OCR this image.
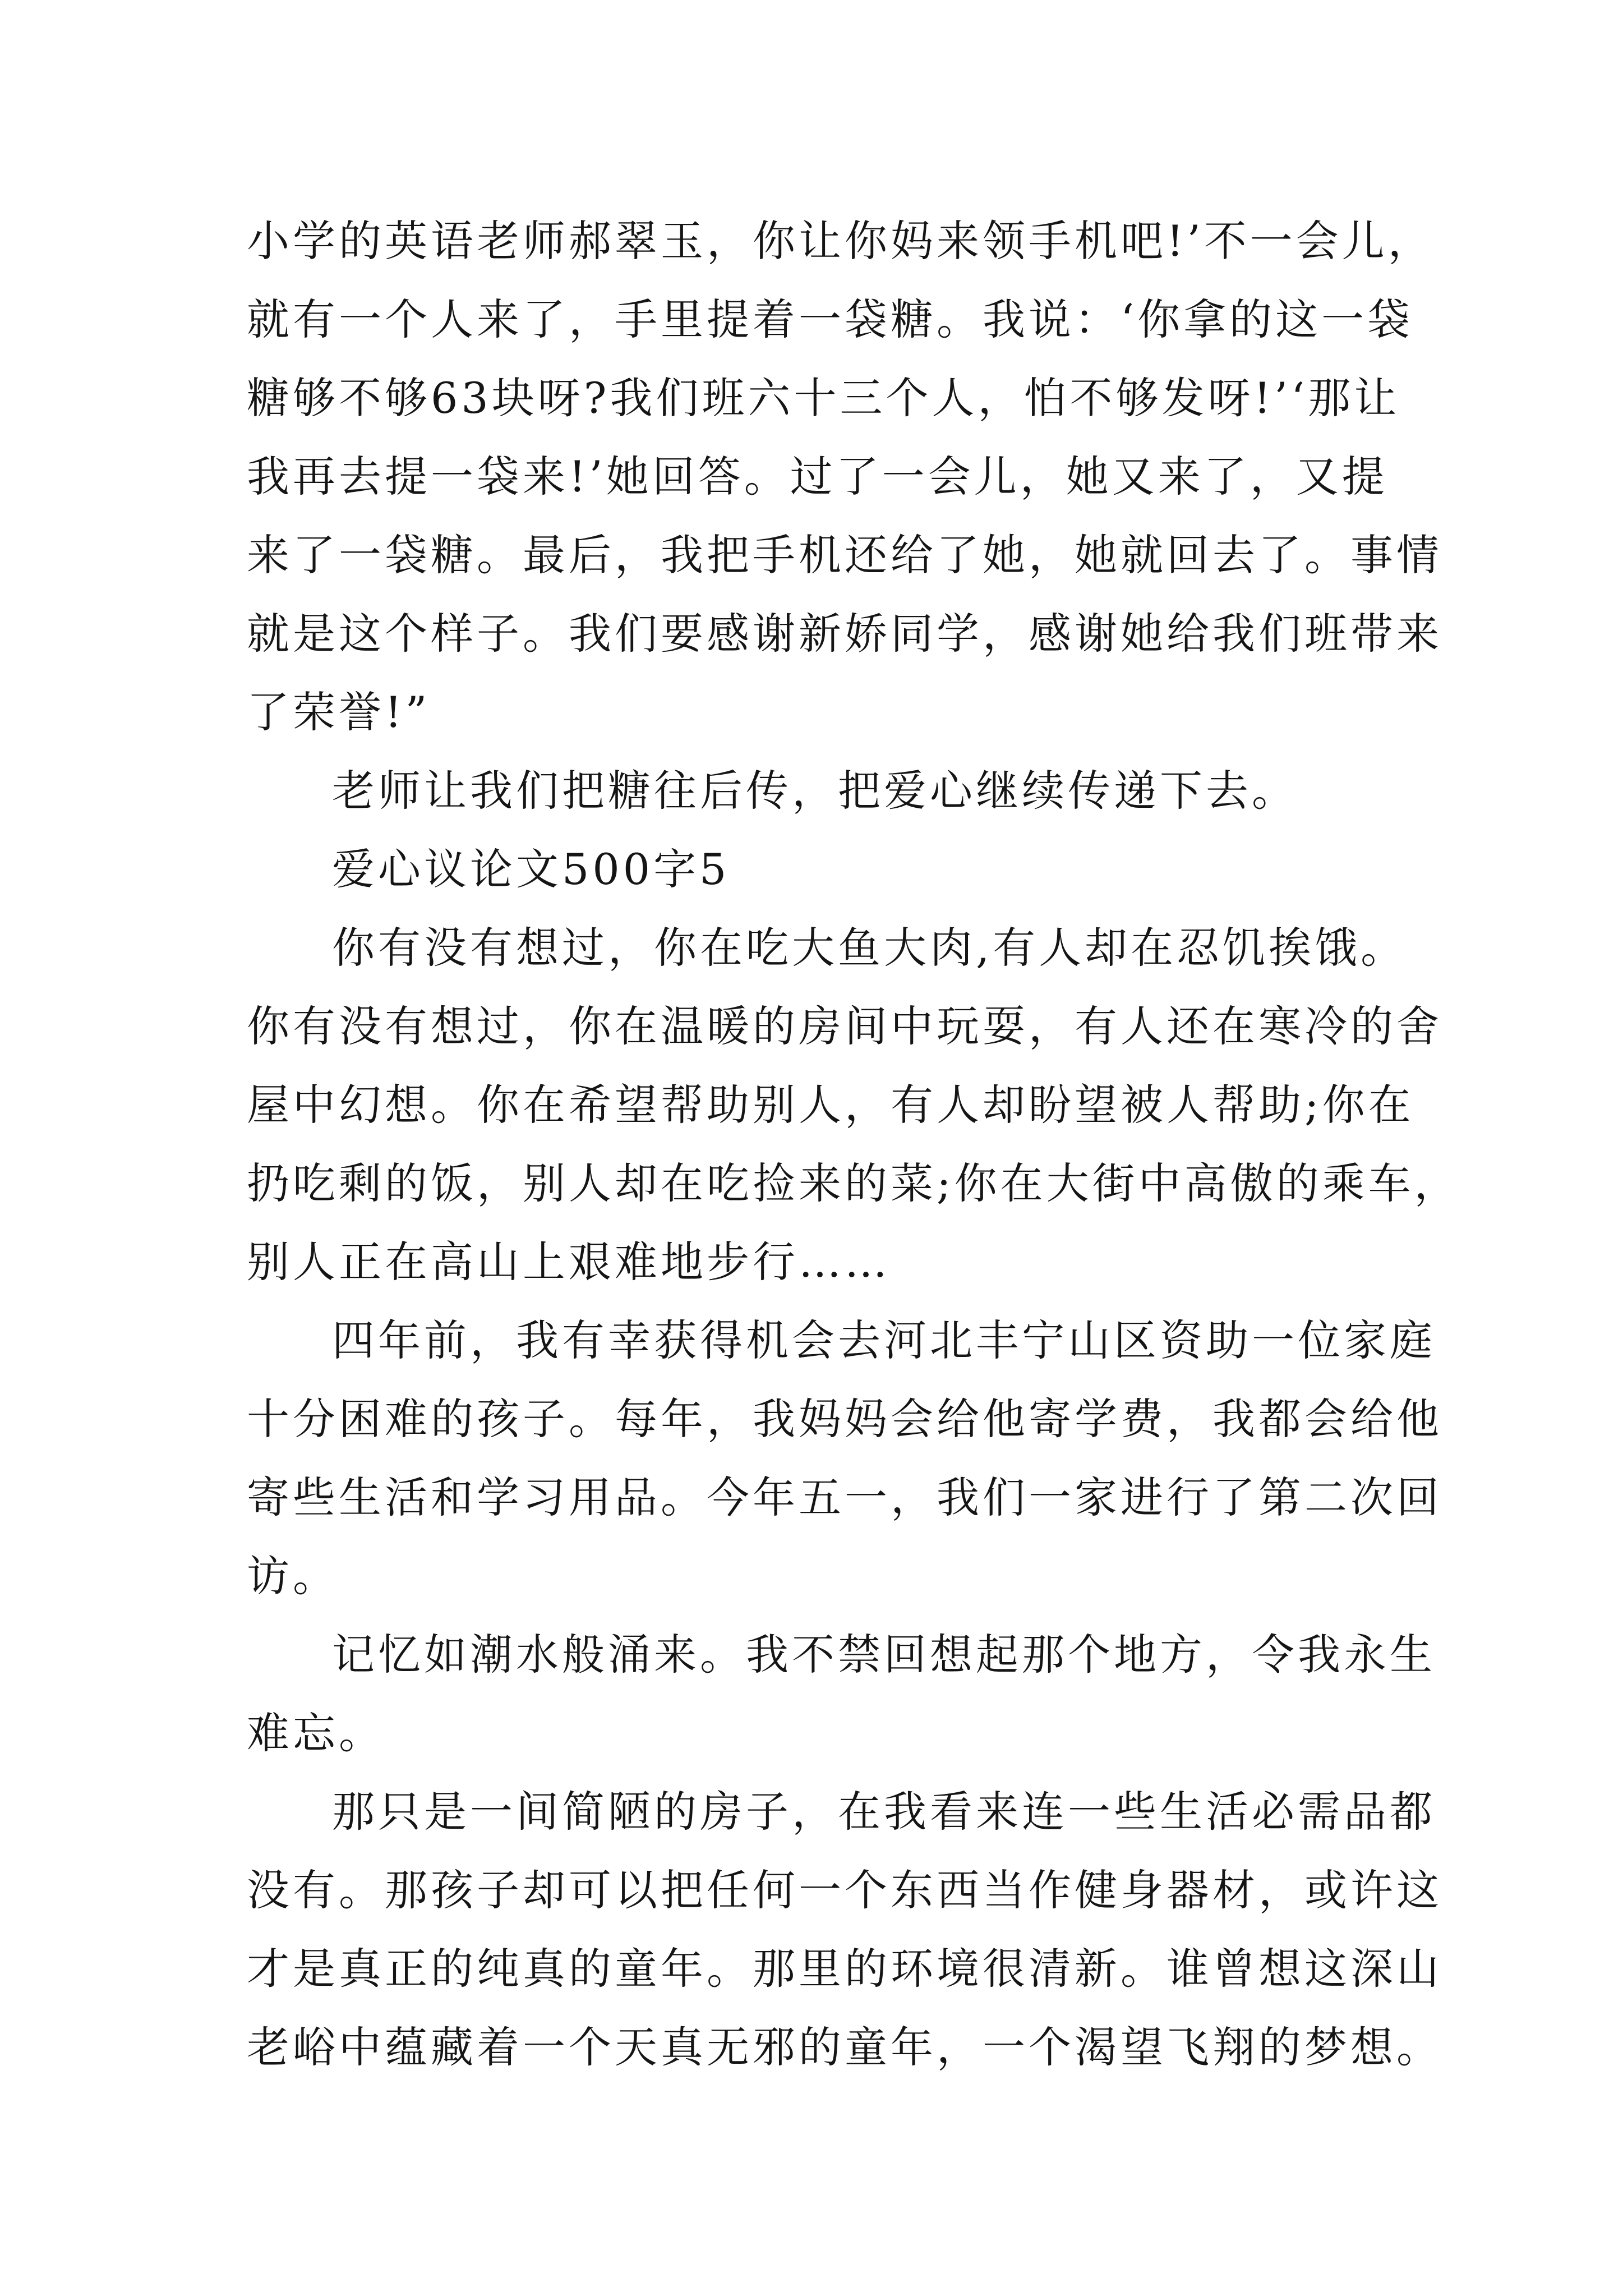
小学的英语老师郝翠玉，你让你妈来领手机吧!’不一会儿，
就有一个人来了，手里提着一袋糖。我说：‘你拿的这一袋
糖够不够63块呀?我们班六十三个人，怕不够发呀!’‘那让
我再去提一袋来!’她回答。过了一会儿，她又来了，又提
来了一袋糖。最后，我把手机还给了她，她就回去了。事情
就是这个样子。我们要感谢新娇同学，感谢她给我们班带来
了荣誉!”
老师让我们把糖往后传，把爱心继续传递下去。
爱心议论文500字5
你有没有想过，你在吃大鱼大肉,有人却在忍饥挨饿。
你有没有想过，你在温暖的房间中玩耍，有人还在寒冷的舍
屋中幻想。你在希望帮助别人，有人却盼望被人帮助;你在
扔吃剩的饭，别人却在吃捡来的菜;你在大街中高傲的乘车，
别人正在高山上艰难地步行……
四年前，我有幸获得机会去河北丰宁山区资助一位家庭
十分困难的孩子。每年，我妈妈会给他寄学费，我都会给他
寄些生活和学习用品。今年五一，我们一家进行了第二次回
访。
记忆如潮水般涌来。我不禁回想起那个地方，令我永生
难忘。
那只是一间简陋的房子，在我看来连一些生活必需品都
没有。那孩子却可以把任何一个东西当作健身器材，或许这
才是真正的纯真的童年。那里的环境很清新。谁曾想这深山
老峪中蕴藏着一个天真无邪的童年，一个渴望飞翔的梦想。
